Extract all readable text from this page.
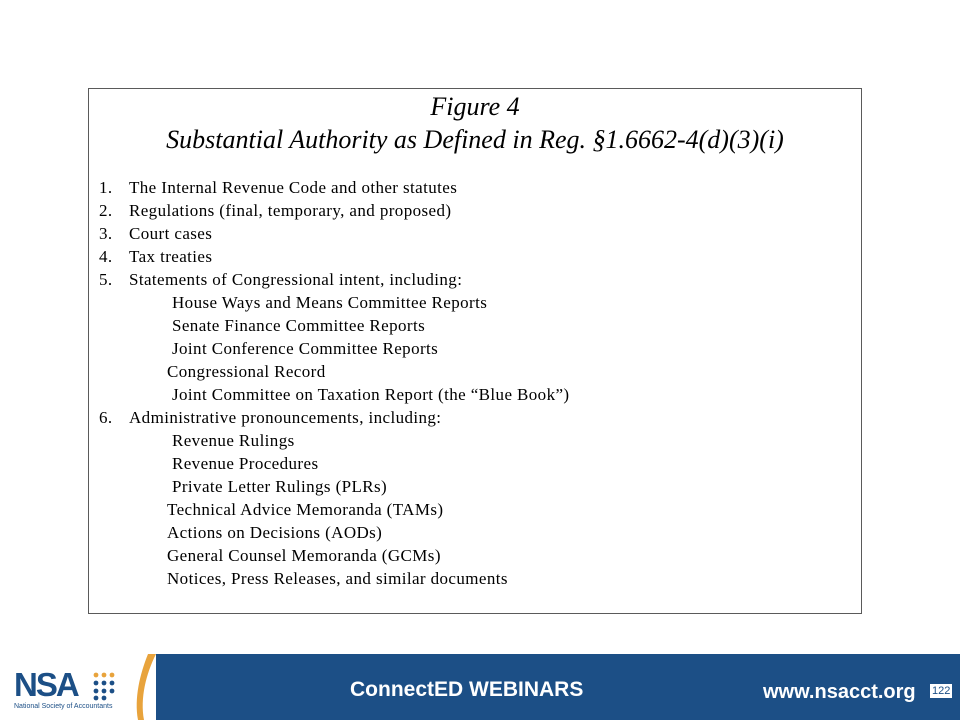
Figure 4
Substantial Authority as Defined in Reg. §1.6662-4(d)(3)(i)
1. The Internal Revenue Code and other statutes
2. Regulations (final, temporary, and proposed)
3. Court cases
4. Tax treaties
5. Statements of Congressional intent, including:
House Ways and Means Committee Reports
Senate Finance Committee Reports
Joint Conference Committee Reports
Congressional Record
Joint Committee on Taxation Report (the “Blue Book”)
6. Administrative pronouncements, including:
Revenue Rulings
Revenue Procedures
Private Letter Rulings (PLRs)
Technical Advice Memoranda (TAMs)
Actions on Decisions (AODs)
General Counsel Memoranda (GCMs)
Notices, Press Releases, and similar documents
NSA
National Society of Accountants
ConnectED WEBINARS	www.nsacct.org 122
